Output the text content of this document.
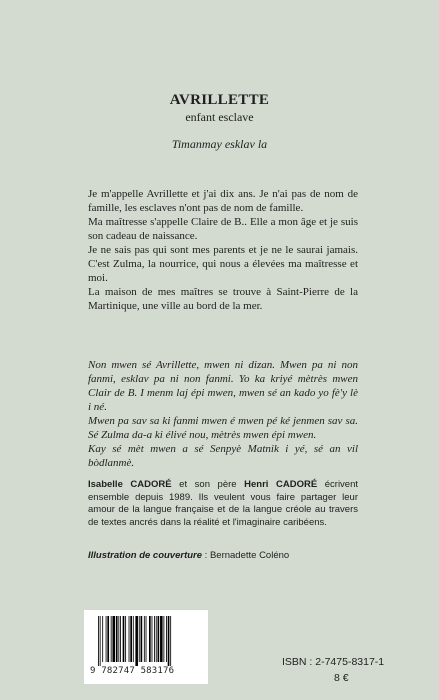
AVRILLETTE
enfant esclave
Timanmay esklav la

Je m'appelle Avrillette et j'ai dix ans. Je n'ai pas de nom de famille, les esclaves n'ont pas de nom de famille.

Ma maîtresse s'appelle Claire de B.. Elle a mon âge et je suis son cadeau de naissance.

Je ne sais pas qui sont mes parents et je ne le saurai jamais. C'est Zulma, la nourrice, qui nous a élevées ma maîtresse et moi.

La maison de mes maîtres se trouve à Saint-Pierre de la Martinique, une ville au bord de la mer.

Non mwen sé Avrillette, mwen ni dizan. Mwen pa ni non fanmi, esklav pa ni non fanmi. Yo ka kriyé mètrès mwen Clair de B. I menm laj épi mwen, mwen sé an kado yo fè'y lè i né.

Mwen pa sav sa ki fanmi mwen é mwen pé ké jenmen sav sa. Sé Zulma da-a ki élivé nou, mètrès mwen épi mwen.

Kay sé mèt mwen a sé Senpyè Matnik i yé, sé an vil bòdlanmè.

Isabelle CADORÉ et son père Henri CADORÉ écrivent ensemble depuis 1989. Ils veulent vous faire partager leur amour de la langue française et de la langue créole au travers de textes ancrés dans la réalité et l'imaginaire caribéens.
Illustration de couverture : Bernadette Coléno
9 782747 583176
ISBN : 2-7475-8317-1
8 €
